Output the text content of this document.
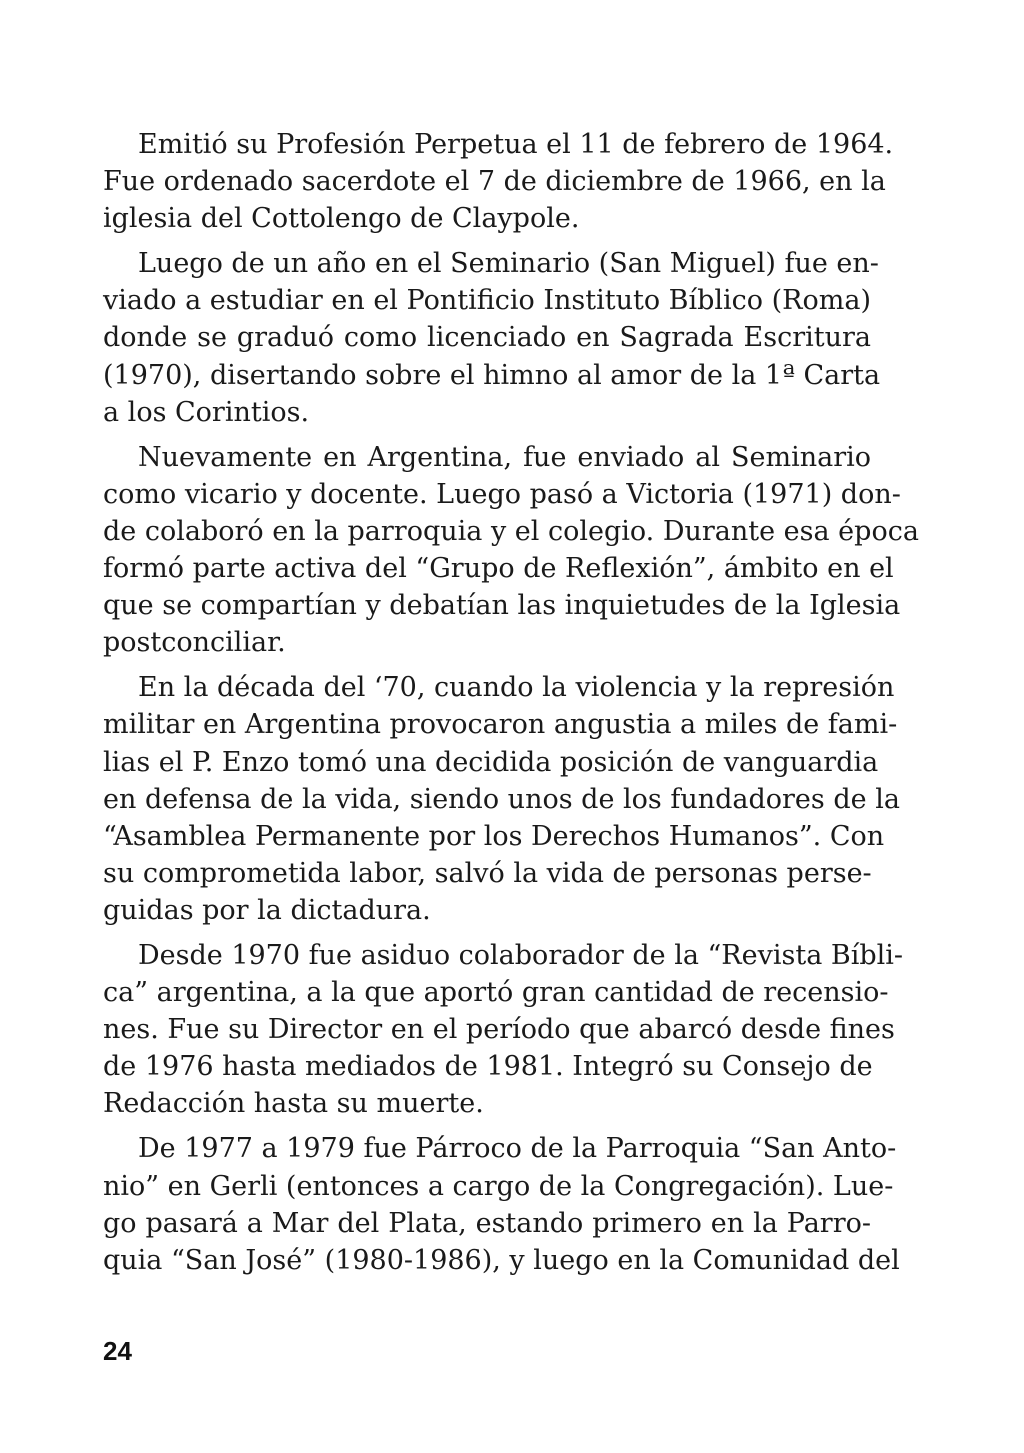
Emitió su Profesión Perpetua el 11 de febrero de 1964.
Fue ordenado sacerdote el 7 de diciembre de 1966, en la
iglesia del Cottolengo de Claypole.

Luego de un año en el Seminario (San Miguel) fue en-
viado a estudiar en el Pontificio Instituto Bíblico (Roma)
donde se graduó como licenciado en Sagrada Escritura
(1970), disertando sobre el himno al amor de la 1ª Carta
a los Corintios.

Nuevamente en Argentina, fue enviado al Seminario
como vicario y docente. Luego pasó a Victoria (1971) don-
de colaboró en la parroquia y el colegio. Durante esa época
formó parte activa del “Grupo de Reflexión”, ámbito en el
que se compartían y debatían las inquietudes de la Iglesia
postconciliar.

En la década del ‘70, cuando la violencia y la represión
militar en Argentina provocaron angustia a miles de fami-
lias el P. Enzo tomó una decidida posición de vanguardia
en defensa de la vida, siendo unos de los fundadores de la
“Asamblea Permanente por los Derechos Humanos”. Con
su comprometida labor, salvó la vida de personas perse-
guidas por la dictadura.

Desde 1970 fue asiduo colaborador de la “Revista Bíbli-
ca” argentina, a la que aportó gran cantidad de recensio-
nes. Fue su Director en el período que abarcó desde fines
de 1976 hasta mediados de 1981. Integró su Consejo de
Redacción hasta su muerte.

De 1977 a 1979 fue Párroco de la Parroquia “San Anto-
nio” en Gerli (entonces a cargo de la Congregación). Lue-
go pasará a Mar del Plata, estando primero en la Parro-
quia “San José” (1980-1986), y luego en la Comunidad del

24
